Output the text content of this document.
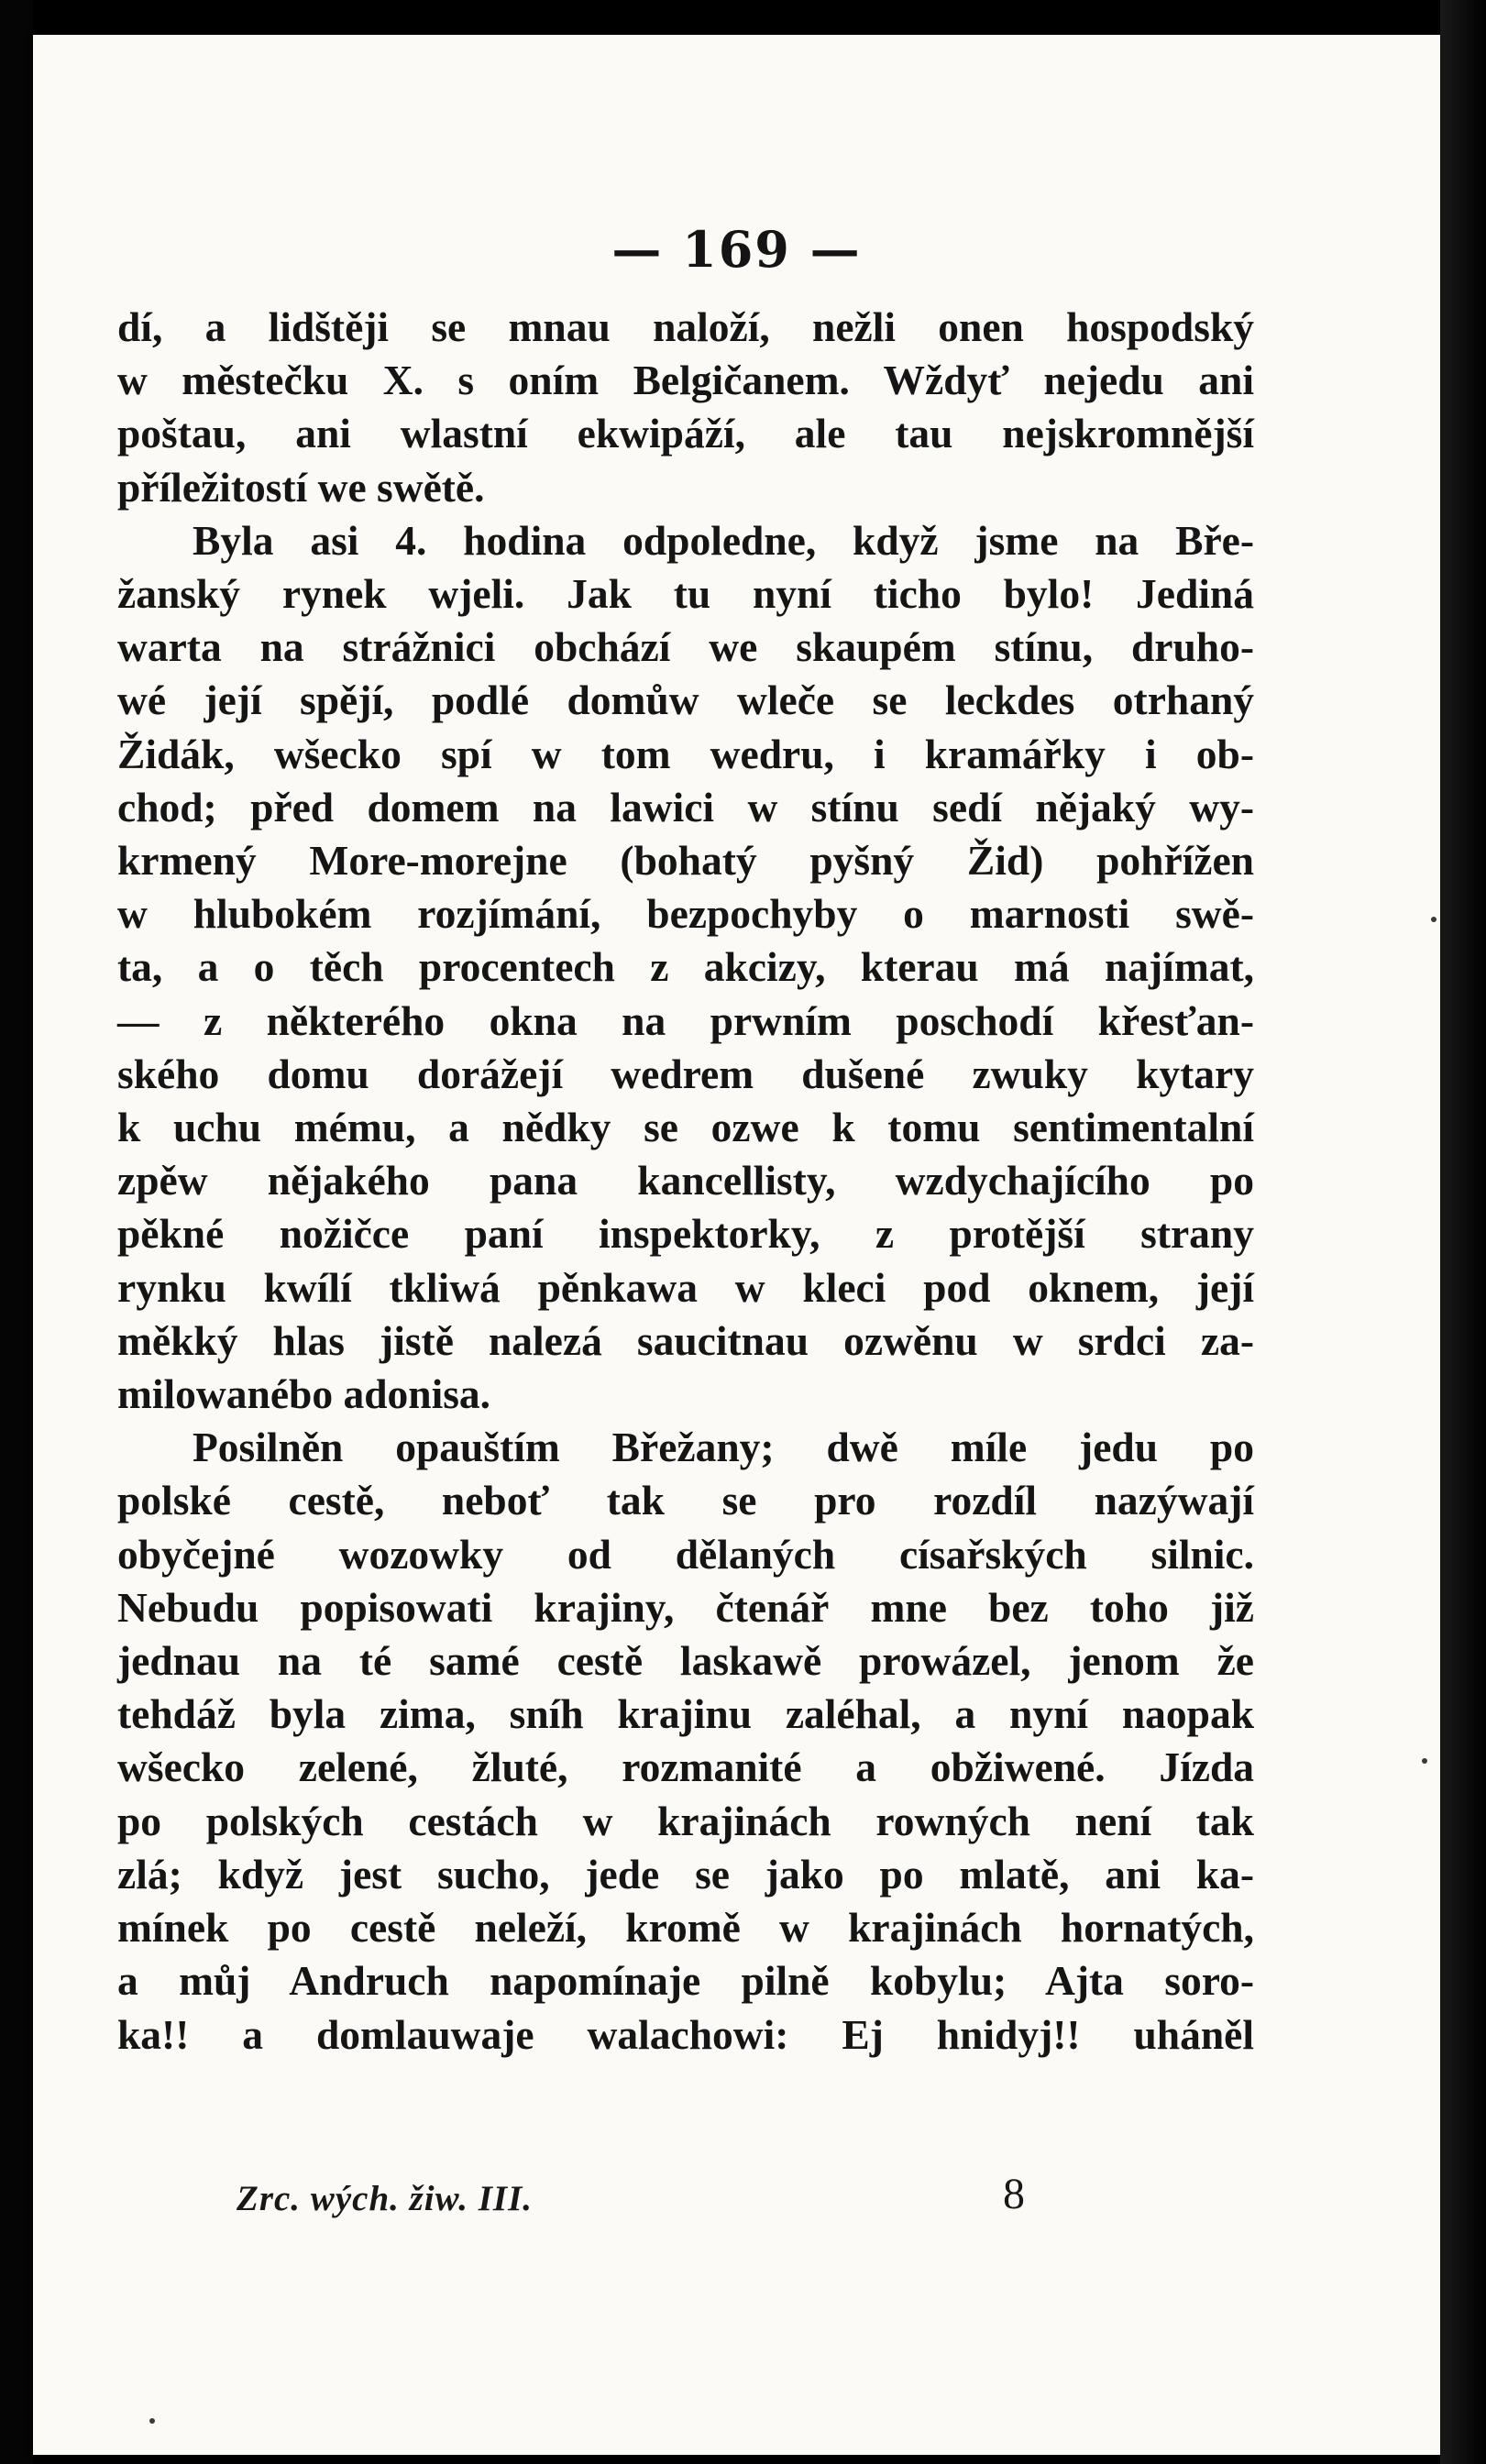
— 169 —
dí, a lidštěji se mnau naloží, nežli onen hospodský
w městečku X. s oním Belgičanem. Wždyť nejedu ani
poštau, ani wlastní ekwipáží, ale tau nejskromnější
příležitostí we swětě.
Byla asi 4. hodina odpoledne, když jsme na Bře-
žanský rynek wjeli. Jak tu nyní ticho bylo! Jediná
warta na strážnici obchází we skaupém stínu, druho-
wé její spějí, podlé domůw wleče se leckdes otrhaný
Židák, wšecko spí w tom wedru, i kramářky i ob-
chod; před domem na lawici w stínu sedí nějaký wy-
krmený More-morejne (bohatý pyšný Žid) pohřížen
w hlubokém rozjímání, bezpochyby o marnosti swě-
ta, a o těch procentech z akcizy, kterau má najímat,
— z některého okna na prwním poschodí křesťan-
ského domu dorážejí wedrem dušené zwuky kytary
k uchu mému, a nědky se ozwe k tomu sentimentalní
zpěw nějakého pana kancellisty, wzdychajícího po
pěkné nožičce paní inspektorky, z protější strany
rynku kwílí tkliwá pěnkawa w kleci pod oknem, její
měkký hlas jistě nalezá saucitnau ozwěnu w srdci za-
milowanébo adonisa.
Posilněn opauštím Břežany; dwě míle jedu po
polské cestě, neboť tak se pro rozdíl nazýwají
obyčejné wozowky od dělaných císařských silnic.
Nebudu popisowati krajiny, čtenář mne bez toho již
jednau na té samé cestě laskawě prowázel, jenom že
tehdáž byla zima, sníh krajinu zaléhal, a nyní naopak
wšecko zelené, žluté, rozmanité a obžiwené. Jízda
po polských cestách w krajinách rowných není tak
zlá; když jest sucho, jede se jako po mlatě, ani ka-
mínek po cestě neleží, kromě w krajinách hornatých,
a můj Andruch napomínaje pilně kobylu; Ajta soro-
ka!! a domlauwaje walachowi: Ej hnidyj!! uháněl
Zrc. wých. žiw. III.	8
